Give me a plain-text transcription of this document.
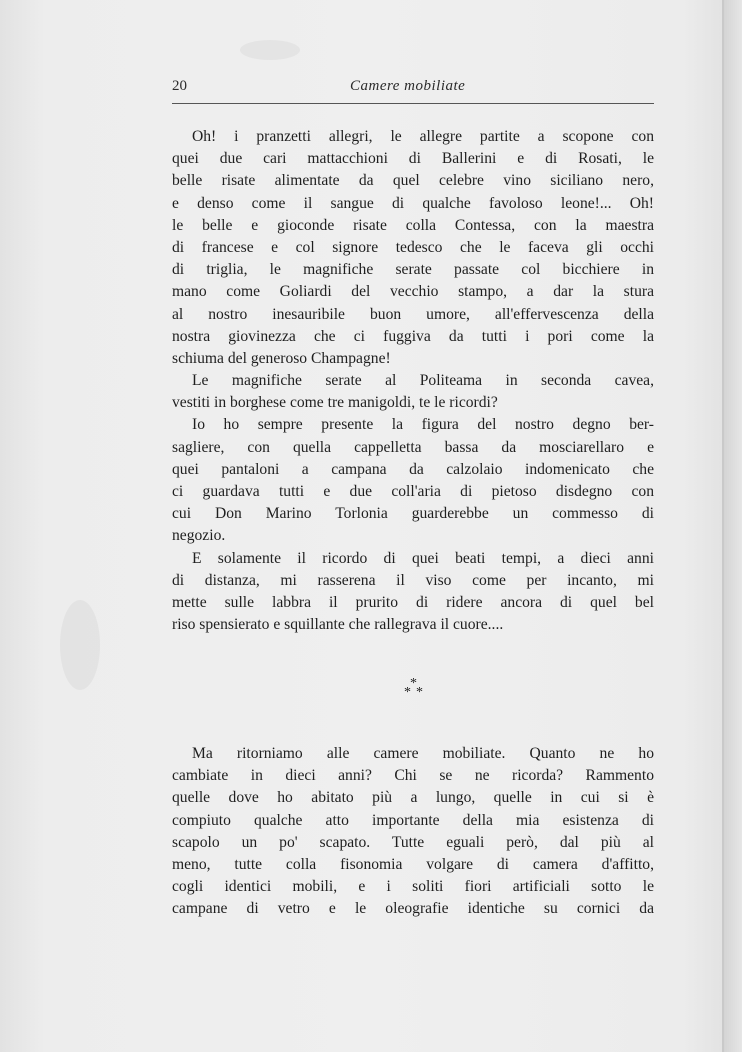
20	Camere mobiliate
Oh! i pranzetti allegri, le allegre partite a scopone con
quei due cari mattacchioni di Ballerini e di Rosati, le
belle risate alimentate da quel celebre vino siciliano nero,
e denso come il sangue di qualche favoloso leone!... Oh!
le belle e gioconde risate colla Contessa, con la maestra
di francese e col signore tedesco che le faceva gli occhi
di triglia, le magnifiche serate passate col bicchiere in
mano come Goliardi del vecchio stampo, a dar la stura
al nostro inesauribile buon umore, all'effervescenza della
nostra giovinezza che ci fuggiva da tutti i pori come la
schiuma del generoso Champagne!
Le magnifiche serate al Politeama in seconda cavea,
vestiti in borghese come tre manigoldi, te le ricordi?
Io ho sempre presente la figura del nostro degno ber-
sagliere, con quella cappelletta bassa da mosciarellaro e
quei pantaloni a campana da calzolaio indomenicato che
ci guardava tutti e due coll'aria di pietoso disdegno con
cui Don Marino Torlonia guarderebbe un commesso di
negozio.
E solamente il ricordo di quei beati tempi, a dieci anni
di distanza, mi rasserena il viso come per incanto, mi
mette sulle labbra il prurito di ridere ancora di quel bel
riso spensierato e squillante che rallegrava il cuore....
*
* *
Ma ritorniamo alle camere mobiliate. Quanto ne ho
cambiate in dieci anni? Chi se ne ricorda? Rammento
quelle dove ho abitato più a lungo, quelle in cui si è
compiuto qualche atto importante della mia esistenza di
scapolo un po' scapato. Tutte eguali però, dal più al
meno, tutte colla fisonomia volgare di camera d'affitto,
cogli identici mobili, e i soliti fiori artificiali sotto le
campane di vetro e le oleografie identiche su cornici da
